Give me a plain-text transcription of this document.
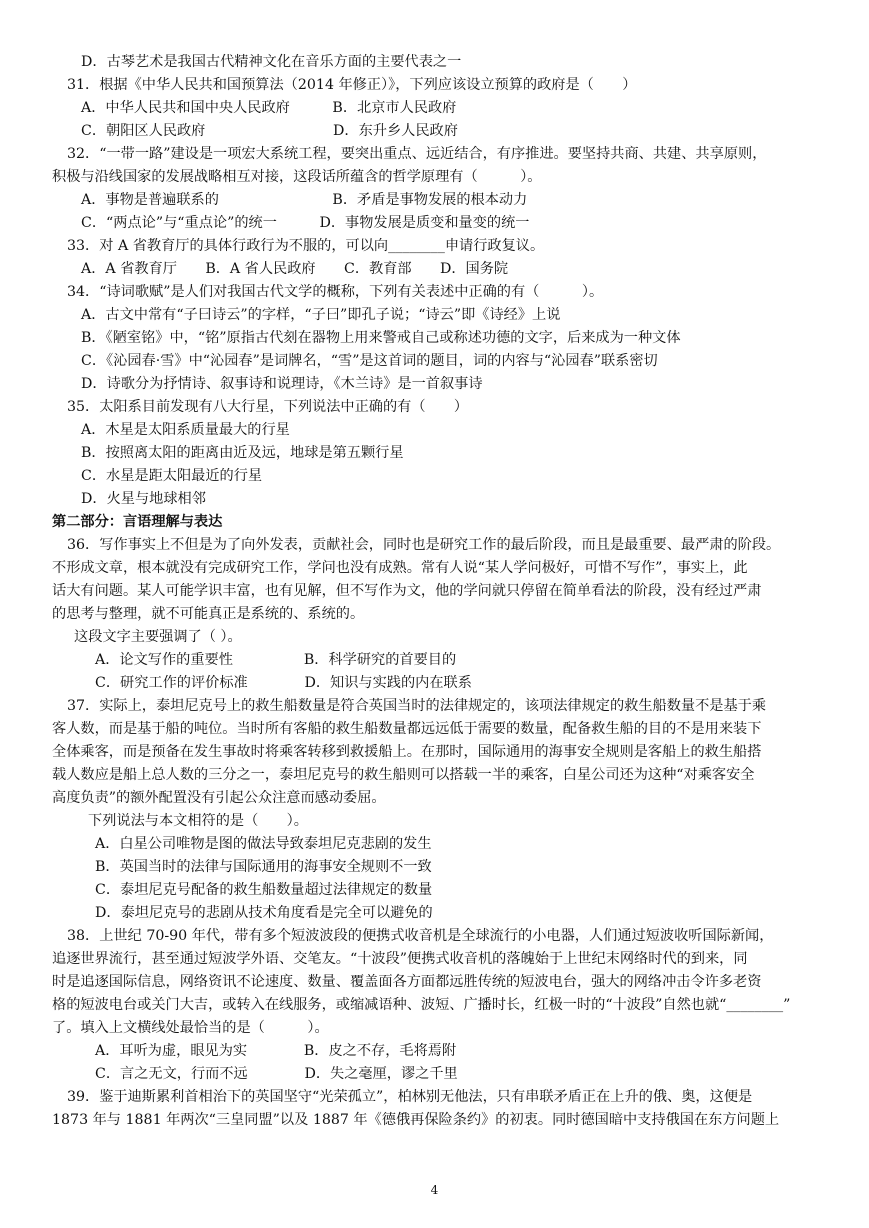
D．古琴艺术是我国古代精神文化在音乐方面的主要代表之一
31．根据《中华人民共和国预算法（2014 年修正）》，下列应该设立预算的政府是（　　）
A．中华人民共和国中央人民政府　　　B．北京市人民政府
C．朝阳区人民政府　　　　　　　　　D．东升乡人民政府
32．“一带一路”建设是一项宏大系统工程，要突出重点、远近结合，有序推进。要坚持共商、共建、共享原则，
积极与沿线国家的发展战略相互对接，这段话所蕴含的哲学原理有（　　　）。
A．事物是普遍联系的　　　　　　　　B．矛盾是事物发展的根本动力
C．“两点论”与“重点论”的统一　　　D．事物发展是质变和量变的统一
33．对 A 省教育厅的具体行政行为不服的，可以向________申请行政复议。
A．A 省教育厅　　B．A 省人民政府　　C．教育部　　D．国务院
34．“诗词歌赋”是人们对我国古代文学的概称，下列有关表述中正确的有（　　　）。
A．古文中常有“子曰诗云”的字样，“子曰”即孔子说；“诗云”即《诗经》上说
B．《陋室铭》中，“铭”原指古代刻在器物上用来警戒自己或称述功德的文字，后来成为一种文体
C．《沁园春·雪》中“沁园春”是词牌名，“雪”是这首词的题目，词的内容与“沁园春”联系密切
D．诗歌分为抒情诗、叙事诗和说理诗，《木兰诗》是一首叙事诗
35．太阳系目前发现有八大行星，下列说法中正确的有（　　）
A．木星是太阳系质量最大的行星
B．按照离太阳的距离由近及远，地球是第五颗行星
C．水星是距太阳最近的行星
D．火星与地球相邻
第二部分：言语理解与表达
36．写作事实上不但是为了向外发表，贡献社会，同时也是研究工作的最后阶段，而且是最重要、最严肃的阶段。
不形成文章，根本就没有完成研究工作，学问也没有成熟。常有人说“某人学问极好，可惜不写作”，事实上，此
话大有问题。某人可能学识丰富，也有见解，但不写作为文，他的学问就只停留在简单看法的阶段，没有经过严肃
的思考与整理，就不可能真正是系统的、系统的。
这段文字主要强调了（ ）。
A．论文写作的重要性　　　　　B．科学研究的首要目的
C．研究工作的评价标准　　　　D．知识与实践的内在联系
37．实际上，泰坦尼克号上的救生船数量是符合英国当时的法律规定的，该项法律规定的救生船数量不是基于乘
客人数，而是基于船的吨位。当时所有客船的救生船数量都远远低于需要的数量，配备救生船的目的不是用来装下
全体乘客，而是预备在发生事故时将乘客转移到救援船上。在那时，国际通用的海事安全规则是客船上的救生船搭
载人数应是船上总人数的三分之一，泰坦尼克号的救生船则可以搭载一半的乘客，白星公司还为这种“对乘客安全
高度负责”的额外配置没有引起公众注意而感动委屈。
下列说法与本文相符的是（　　）。
A．白星公司唯物是图的做法导致泰坦尼克悲剧的发生
B．英国当时的法律与国际通用的海事安全规则不一致
C．泰坦尼克号配备的救生船数量超过法律规定的数量
D．泰坦尼克号的悲剧从技术角度看是完全可以避免的
38．上世纪 70-90 年代，带有多个短波波段的便携式收音机是全球流行的小电器，人们通过短波收听国际新闻，
追逐世界流行，甚至通过短波学外语、交笔友。“十波段”便携式收音机的落魄始于上世纪末网络时代的到来，同
时是追逐国际信息，网络资讯不论速度、数量、覆盖面各方面都远胜传统的短波电台，强大的网络冲击令许多老资
格的短波电台或关门大吉，或转入在线服务，或缩减语种、波短、广播时长，红极一时的“十波段”自然也就“________”
了。填入上文横线处最恰当的是（　　　）。
A．耳听为虚，眼见为实　　　　B．皮之不存，毛将焉附
C．言之无文，行而不远　　　　D．失之毫厘，谬之千里
39．鉴于迪斯累利首相治下的英国坚守“光荣孤立”，柏林别无他法，只有串联矛盾正在上升的俄、奥，这便是
1873 年与 1881 年两次“三皇同盟”以及 1887 年《德俄再保险条约》的初衷。同时德国暗中支持俄国在东方问题上
4
